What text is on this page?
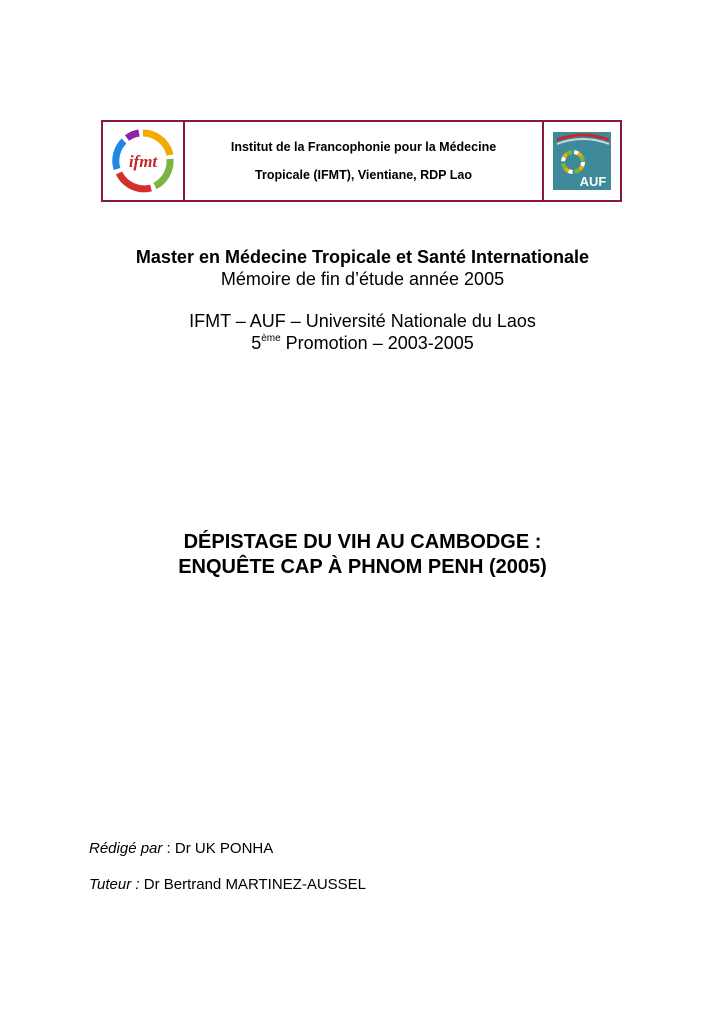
ifmt
Institut de la Francophonie pour la Médecine
Tropicale (IFMT), Vientiane, RDP Lao	AUF
Master en Médecine Tropicale et Santé Internationale
Mémoire de fin d’étude année 2005
IFMT – AUF – Université Nationale du Laos
5ème Promotion – 2003-2005
DÉPISTAGE DU VIH AU CAMBODGE :
ENQUÊTE CAP À PHNOM PENH (2005)
Rédigé par : Dr UK PONHA
Tuteur : Dr Bertrand MARTINEZ-AUSSEL
